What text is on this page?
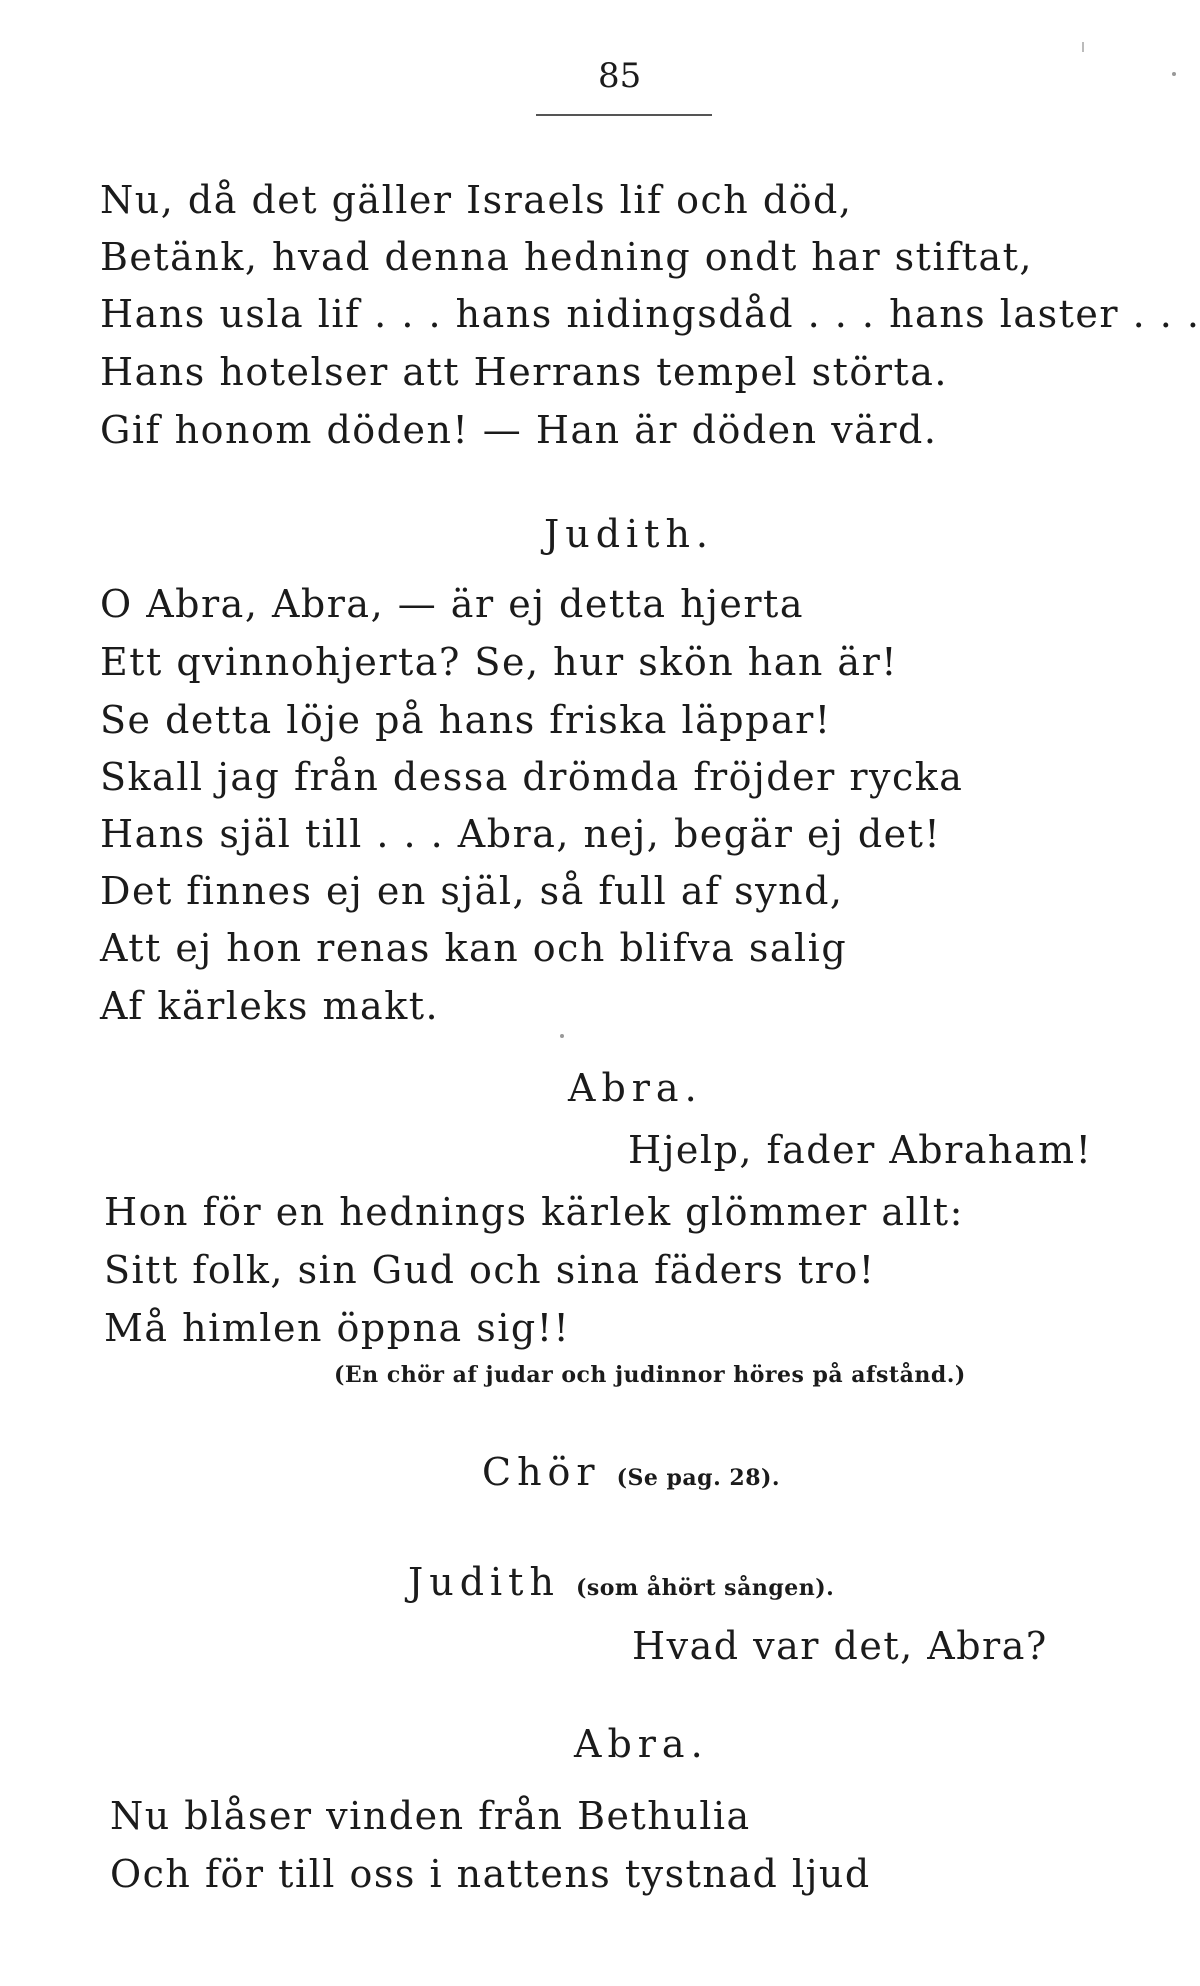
85
Nu, då det gäller Israels lif och död,
Betänk, hvad denna hedning ondt har stiftat,
Hans usla lif . . . hans nidingsdåd . . . hans laster . . .
Hans hotelser att Herrans tempel störta.
Gif honom döden! — Han är döden värd.
Judith.
O Abra, Abra, — är ej detta hjerta
Ett qvinnohjerta? Se, hur skön han är!
Se detta löje på hans friska läppar!
Skall jag från dessa drömda fröjder rycka
Hans själ till . . . Abra, nej, begär ej det!
Det finnes ej en själ, så full af synd,
Att ej hon renas kan och blifva salig
Af kärleks makt.
Abra.
Hjelp, fader Abraham!
Hon för en hednings kärlek glömmer allt:
Sitt folk, sin Gud och sina fäders tro!
Må himlen öppna sig!!
(En chör af judar och judinnor höres på afstånd.)
Chör (Se pag. 28).
Judith (som åhört sången).
Hvad var det, Abra?
Abra.
Nu blåser vinden från Bethulia
Och för till oss i nattens tystnad ljud
